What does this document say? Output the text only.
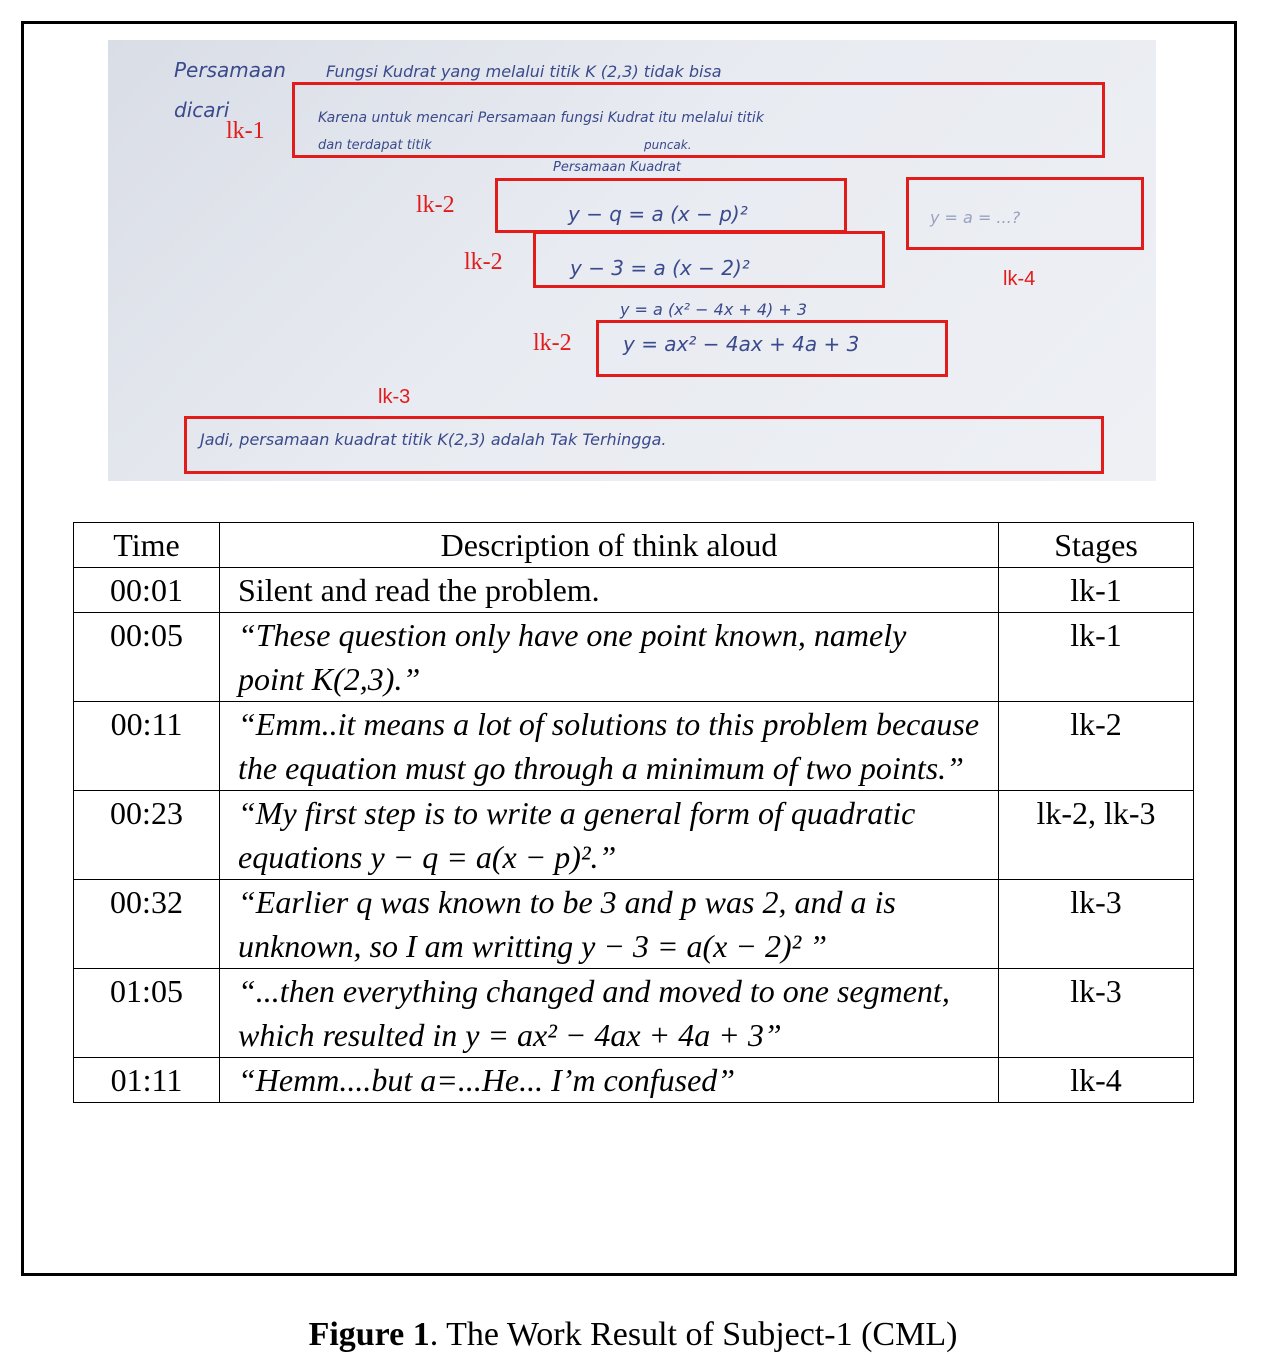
Persamaan	Fungsi Kudrat yang melalui titik K (2,3) tidak bisa
dicari	Karena untuk mencari Persamaan fungsi Kudrat itu melalui titik
dan terdapat titik	puncak.
Persamaan Kuadrat
y − q = a (x − p)²
y − 3 = a (x − 2)²
y = a (x² − 4x + 4) + 3
y = ax² − 4ax + 4a + 3
y = a = ...?
Jadi, persamaan kuadrat titik K(2,3) adalah Tak Terhingga.
lk-1
lk-2
lk-2
lk-2
lk-3
lk-4
Time	Description of think aloud	Stages
00:01	Silent and read the problem.	lk-1
00:05	“These question only have one point known, namely point K(2,3).”	lk-1
00:11	“Emm..it means a lot of solutions to this problem because the equation must go through a minimum of two points.”	lk-2
00:23	“My first step is to write a general form of quadratic equations y − q = a(x − p)².”	lk-2, lk-3
00:32	“Earlier q was known to be 3 and p was 2, and a is unknown, so I am writting y − 3 = a(x − 2)² ”	lk-3
01:05	“...then everything changed and moved to one segment, which resulted in y = ax² − 4ax + 4a + 3”	lk-3
01:11	“Hemm....but a=...He... I’m confused”	lk-4
Figure 1. The Work Result of Subject-1 (CML)
